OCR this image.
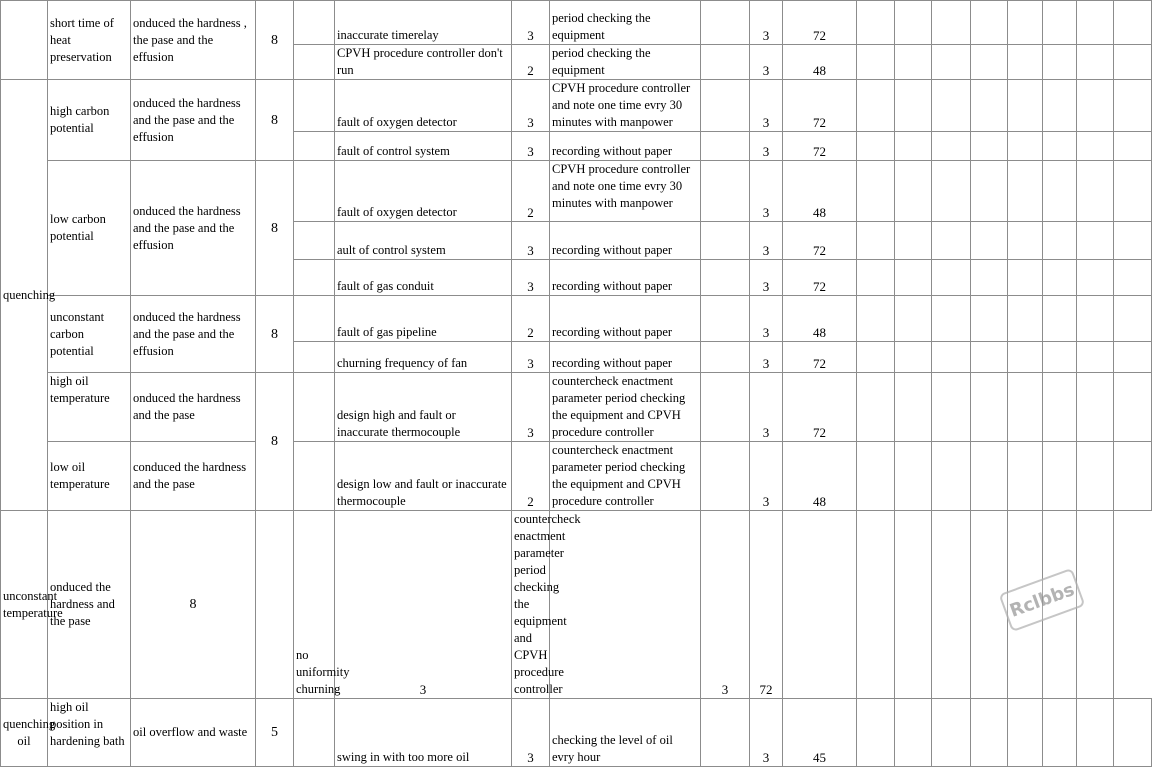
	short time of heat preservation	onduced the hardness , the pase and the effusion	8		inaccurate timerelay	3	period checking the equipment		3	72								
					CPVH procedure controller don't run	2	period checking the equipment		3	48								
quenching	high carbon potential	onduced the hardness and the pase and the effusion	8		fault of oxygen detector	3	CPVH procedure controller and note one time evry 30 minutes with manpower		3	72								
					fault of control system	3	recording without paper		3	72								
	low carbon potential	onduced the hardness and the pase and the effusion	8		fault of oxygen detector	2	CPVH procedure controller and note one time evry 30 minutes with manpower		3	48								
					ault of control system	3	recording without paper		3	72								
					fault of gas conduit	3	recording without paper		3	72								
	unconstant carbon potential	onduced the hardness and the pase and the effusion	8		fault of gas pipeline	2	recording without paper		3	48								
					churning frequency of fan	3	recording without paper		3	72								
	high oil temperature	onduced the hardness and the pase	8		design high and fault or inaccurate thermocouple	3	countercheck enactment parameter period checking the equipment and CPVH procedure controller		3	72								
	low oil temperature	conduced the hardness and the pase			design low and fault or inaccurate thermocouple	2	countercheck enactment parameter period checking the equipment and CPVH procedure controller		3	48								
unconstant temperature	onduced the hardness and the pase	8		no uniformity churning	3	countercheck enactment parameter period checking the equipment and CPVH procedure controller		3	72									
quenching oil	high oil position in hardening bath	oil overflow and waste	5		swing in with too more oil	3	checking the level of oil evry hour		3	45								
Rclbbs
